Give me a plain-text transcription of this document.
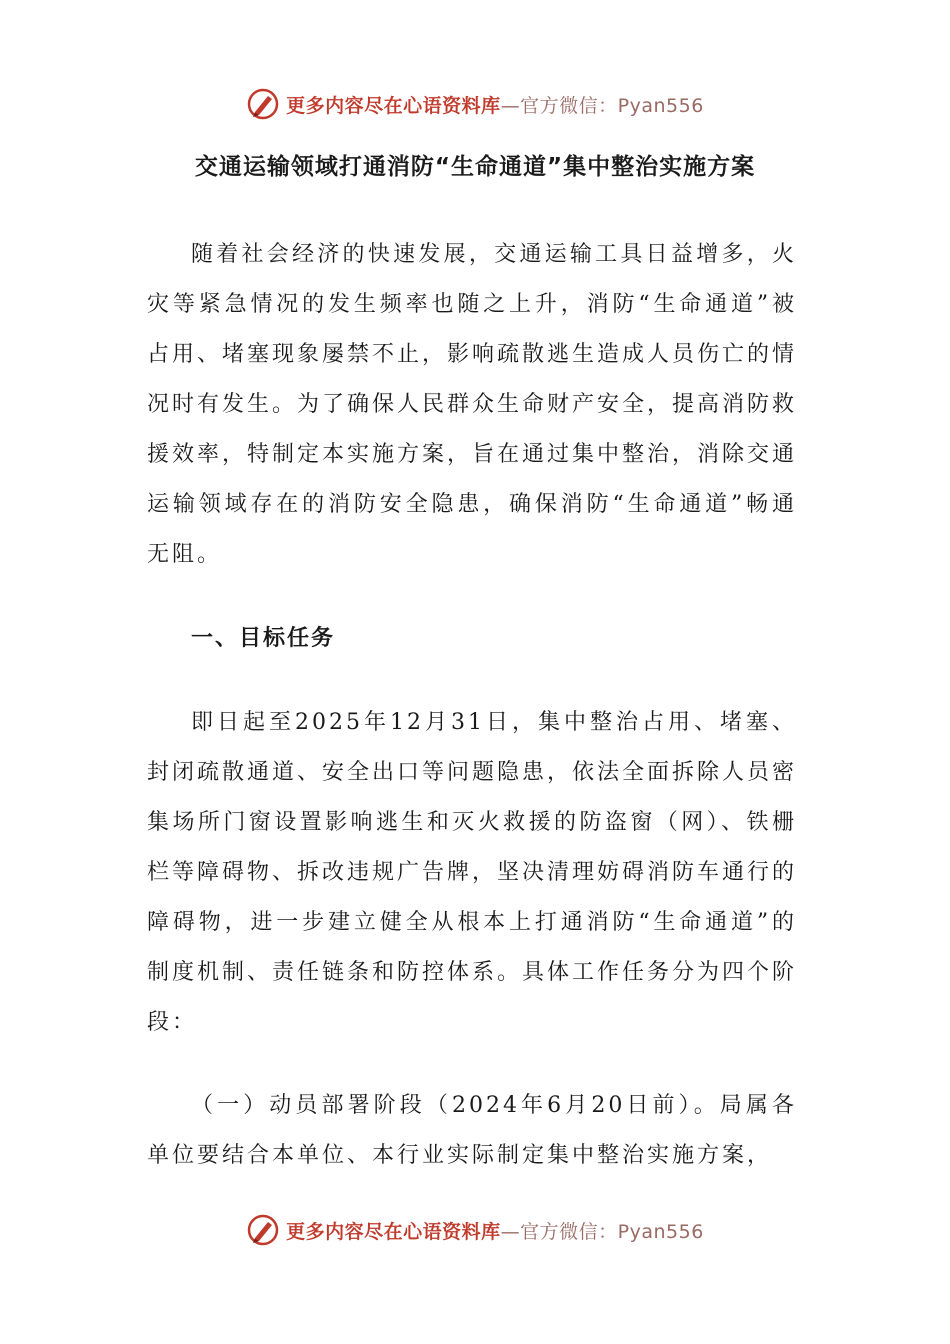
更多内容尽在心语资料库—官方微信：Pyan556
交通运输领域打通消防“生命通道”集中整治实施方案

随着社会经济的快速发展，交通运输工具日益增多，火灾等紧急情况的发生频率也随之上升，消防“生命通道”被占用、堵塞现象屡禁不止，影响疏散逃生造成人员伤亡的情况时有发生。为了确保人民群众生命财产安全，提高消防救援效率，特制定本实施方案，旨在通过集中整治，消除交通运输领域存在的消防安全隐患，确保消防“生命通道”畅通无阻。

一、目标任务

即日起至2025年12月31日，集中整治占用、堵塞、封闭疏散通道、安全出口等问题隐患，依法全面拆除人员密集场所门窗设置影响逃生和灭火救援的防盗窗（网）、铁栅栏等障碍物、拆改违规广告牌，坚决清理妨碍消防车通行的障碍物，进一步建立健全从根本上打通消防“生命通道”的制度机制、责任链条和防控体系。具体工作任务分为四个阶段：

（一）动员部署阶段（2024年6月20日前）。局属各单位要结合本单位、本行业实际制定集中整治实施方案，

更多内容尽在心语资料库—官方微信：Pyan556
